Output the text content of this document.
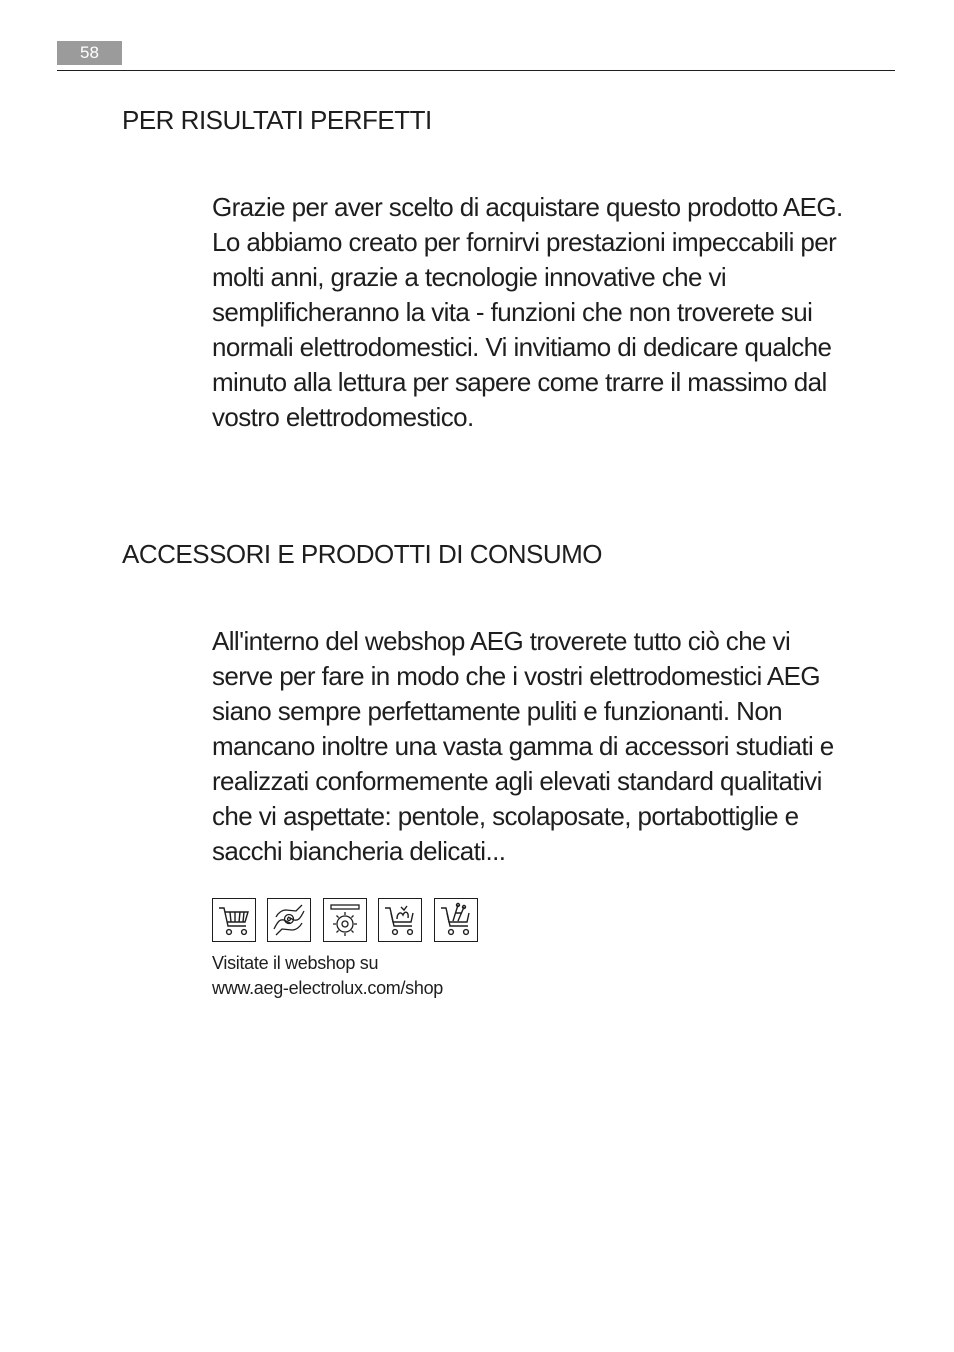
58
PER RISULTATI PERFETTI

Grazie per aver scelto di acquistare questo prodotto AEG.
Lo abbiamo creato per fornirvi prestazioni impeccabili per
molti anni, grazie a tecnologie innovative che vi
semplificheranno la vita - funzioni che non troverete sui
normali elettrodomestici. Vi invitiamo di dedicare qualche
minuto alla lettura per sapere come trarre il massimo dal
vostro elettrodomestico.

ACCESSORI E PRODOTTI DI CONSUMO

All'interno del webshop AEG troverete tutto ciò che vi
serve per fare in modo che i vostri elettrodomestici AEG
siano sempre perfettamente puliti e funzionanti. Non
mancano inoltre una vasta gamma di accessori studiati e
realizzati conformemente agli elevati standard qualitativi
che vi aspettate: pentole, scolaposate, portabottiglie e
sacchi biancheria delicati...

Visitate il webshop su
www.aeg-electrolux.com/shop
